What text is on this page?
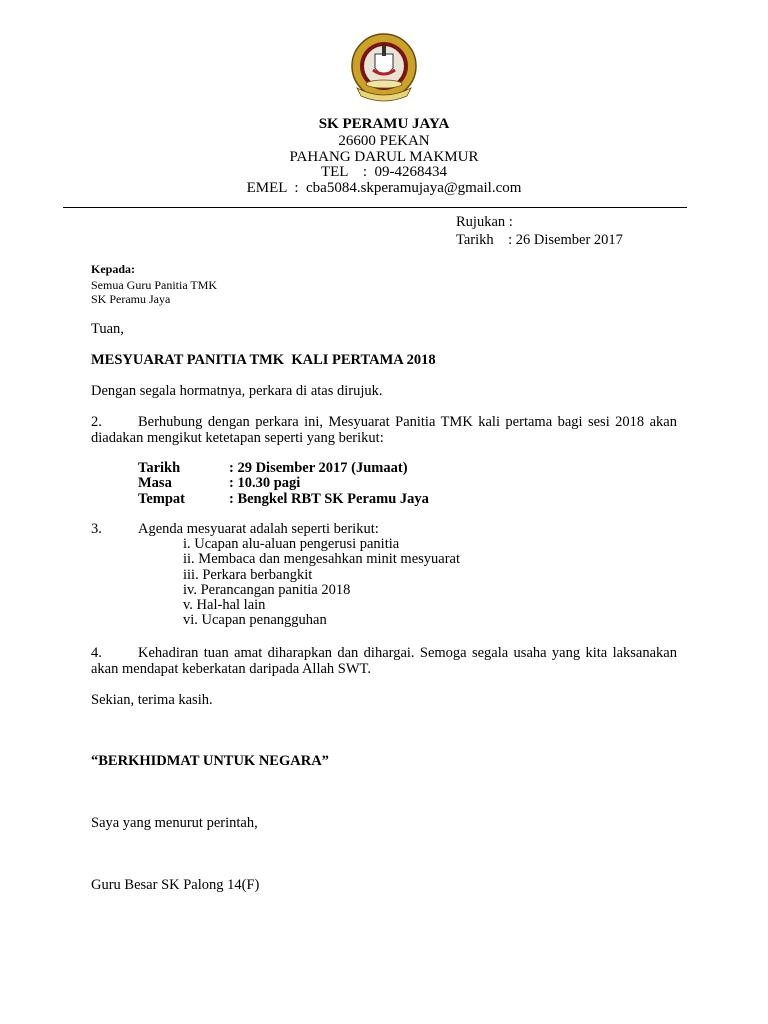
SK PERAMU JAYA
26600 PEKAN
PAHANG DARUL MAKMUR
TEL    :  09-4268434
EMEL  :  cba5084.skperamujaya@gmail.com
Rujukan :
Tarikh    : 26 Disember 2017
Kepada:
Semua Guru Panitia TMK
SK Peramu Jaya
Tuan,
MESYUARAT PANITIA TMK  KALI PERTAMA 2018
Dengan segala hormatnya, perkara di atas dirujuk.
2. Berhubung dengan perkara ini, Mesyuarat Panitia TMK kali pertama bagi sesi 2018 akan diadakan mengikut ketetapan seperti yang berikut:
Tarikh	: 29 Disember 2017 (Jumaat)
Masa	: 10.30 pagi
Tempat	: Bengkel RBT SK Peramu Jaya
3. Agenda mesyuarat adalah seperti berikut:
i. Ucapan alu-aluan pengerusi panitia
ii. Membaca dan mengesahkan minit mesyuarat
iii. Perkara berbangkit
iv. Perancangan panitia 2018
v. Hal-hal lain
vi. Ucapan penangguhan
4. Kehadiran tuan amat diharapkan dan dihargai. Semoga segala usaha yang kita laksanakan akan mendapat keberkatan daripada Allah SWT.
Sekian, terima kasih.
“BERKHIDMAT UNTUK NEGARA”
Saya yang menurut perintah,
Guru Besar SK Palong 14(F)
